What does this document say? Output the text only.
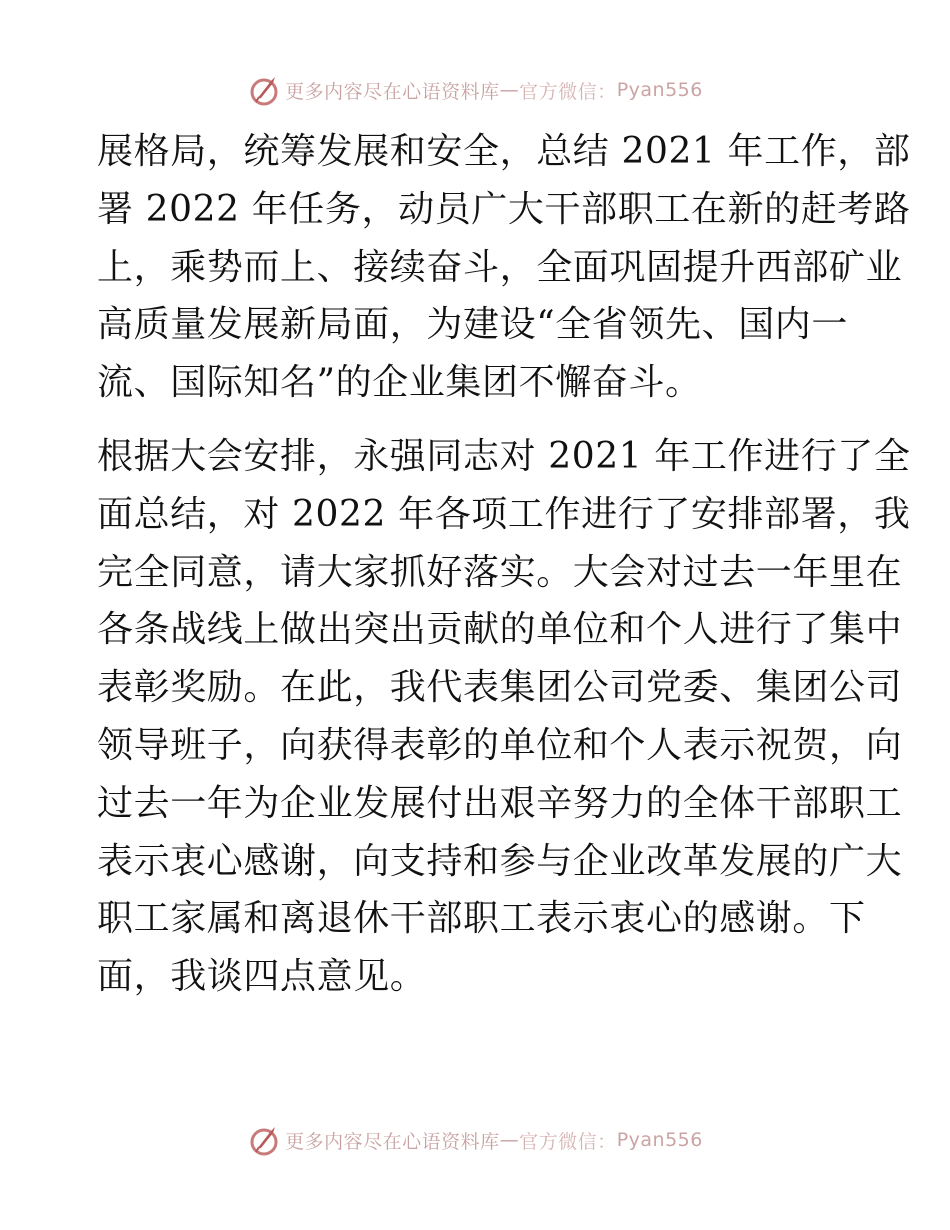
更多内容尽在心语资料库 — 官方微信： Pyan556
展格局，统筹发展和安全，总结 2021 年工作，部
署 2022 年任务，动员广大干部职工在新的赶考路
上，乘势而上、接续奋斗，全面巩固提升西部矿业
高质量发展新局面，为建设“全省领先、国内一
流、国际知名”的企业集团不懈奋斗。
根据大会安排，永强同志对 2021 年工作进行了全
面总结，对 2022 年各项工作进行了安排部署，我
完全同意，请大家抓好落实。大会对过去一年里在
各条战线上做出突出贡献的单位和个人进行了集中
表彰奖励。在此，我代表集团公司党委、集团公司
领导班子，向获得表彰的单位和个人表示祝贺，向
过去一年为企业发展付出艰辛努力的全体干部职工
表示衷心感谢，向支持和参与企业改革发展的广大
职工家属和离退休干部职工表示衷心的感谢。下
面，我谈四点意见。
更多内容尽在心语资料库 — 官方微信： Pyan556
